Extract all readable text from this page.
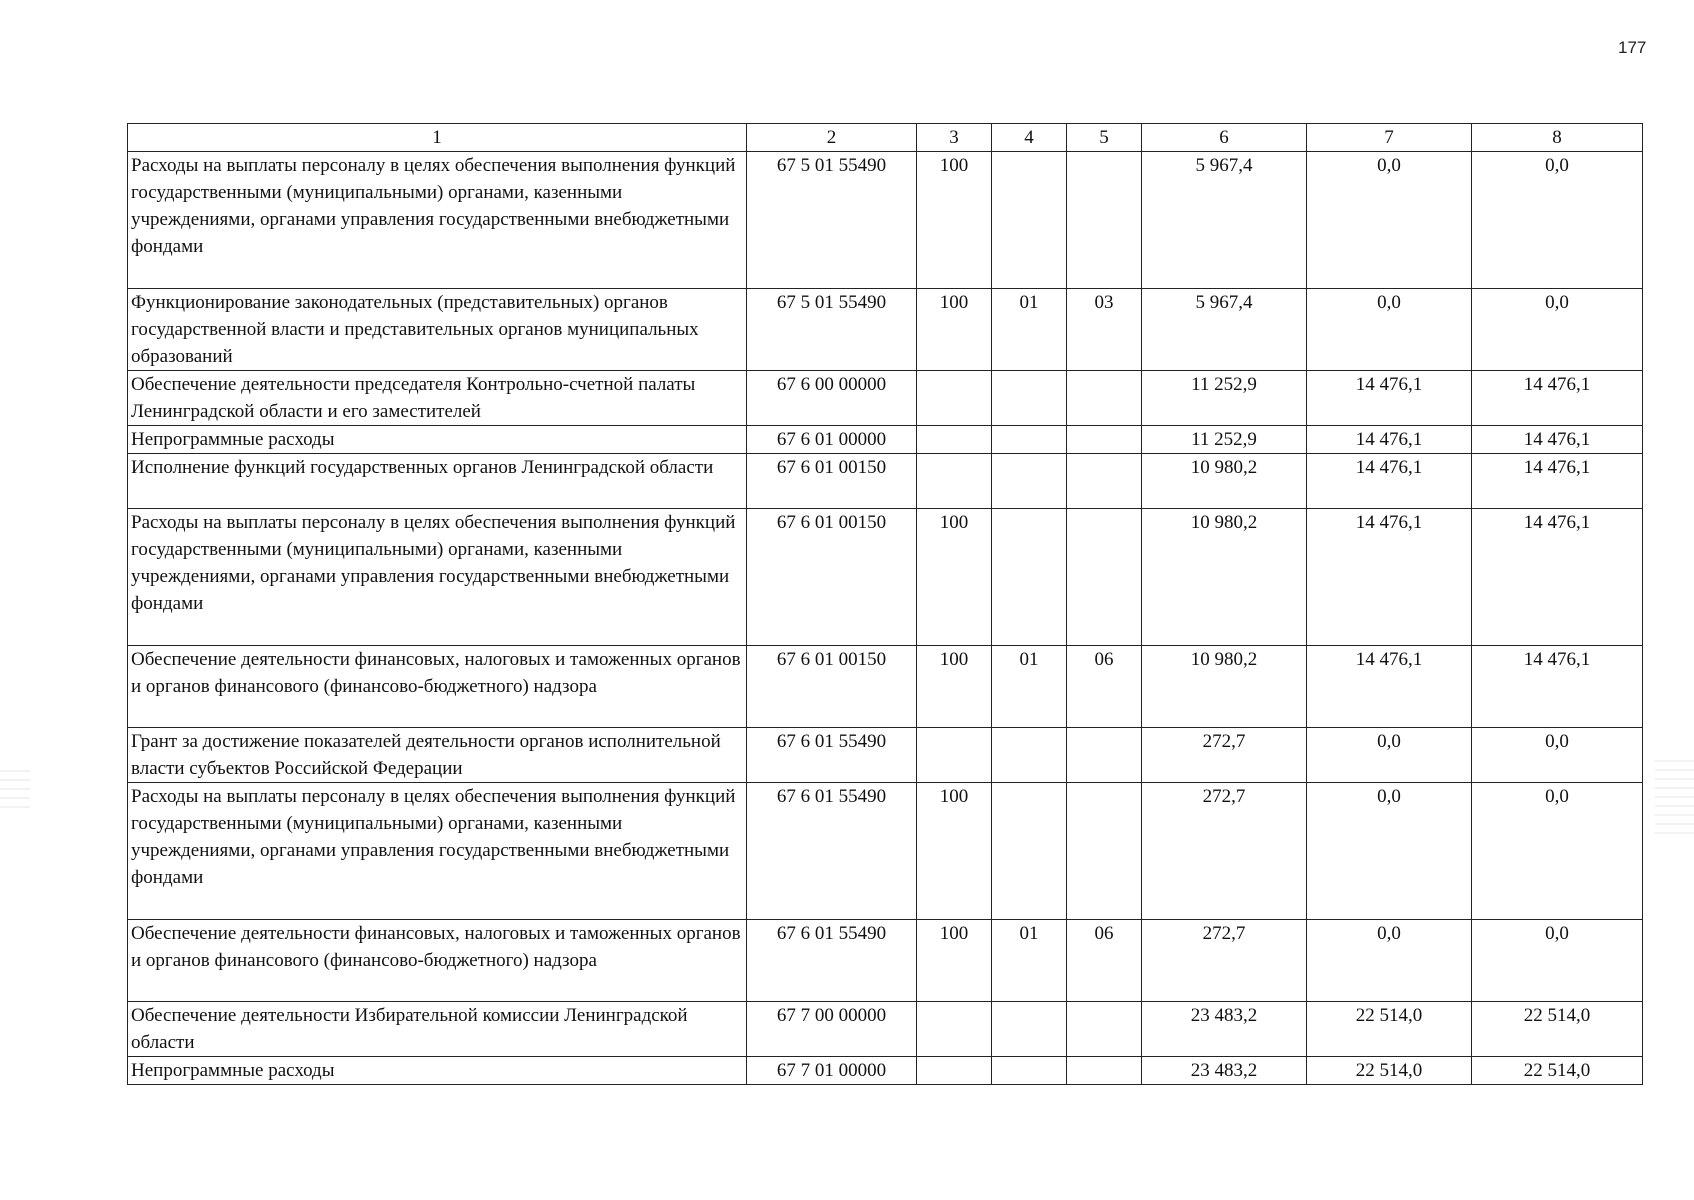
177
1	2	3	4	5	6	7	8
Расходы на выплаты персоналу в целях обеспечения выполнения функций государственными (муниципальными) органами, казенными учреждениями, органами управления государственными внебюджетными фондами	67 5 01 55490	100			5 967,4	0,0	0,0
Функционирование законодательных (представительных) органов государственной власти и представительных органов муниципальных образований	67 5 01 55490	100	01	03	5 967,4	0,0	0,0
Обеспечение деятельности председателя Контрольно-счетной палаты Ленинградской области и его заместителей	67 6 00 00000				11 252,9	14 476,1	14 476,1
Непрограммные расходы	67 6 01 00000				11 252,9	14 476,1	14 476,1
Исполнение функций государственных органов Ленинградской области	67 6 01 00150				10 980,2	14 476,1	14 476,1
Расходы на выплаты персоналу в целях обеспечения выполнения функций государственными (муниципальными) органами, казенными учреждениями, органами управления государственными внебюджетными фондами	67 6 01 00150	100			10 980,2	14 476,1	14 476,1
Обеспечение деятельности финансовых, налоговых и таможенных органов и органов финансового (финансово-бюджетного) надзора	67 6 01 00150	100	01	06	10 980,2	14 476,1	14 476,1
Грант за достижение показателей деятельности органов исполнительной власти субъектов Российской Федерации	67 6 01 55490				272,7	0,0	0,0
Расходы на выплаты персоналу в целях обеспечения выполнения функций государственными (муниципальными) органами, казенными учреждениями, органами управления государственными внебюджетными фондами	67 6 01 55490	100			272,7	0,0	0,0
Обеспечение деятельности финансовых, налоговых и таможенных органов и органов финансового (финансово-бюджетного) надзора	67 6 01 55490	100	01	06	272,7	0,0	0,0
Обеспечение деятельности Избирательной комиссии Ленинградской области	67 7 00 00000				23 483,2	22 514,0	22 514,0
Непрограммные расходы	67 7 01 00000				23 483,2	22 514,0	22 514,0
